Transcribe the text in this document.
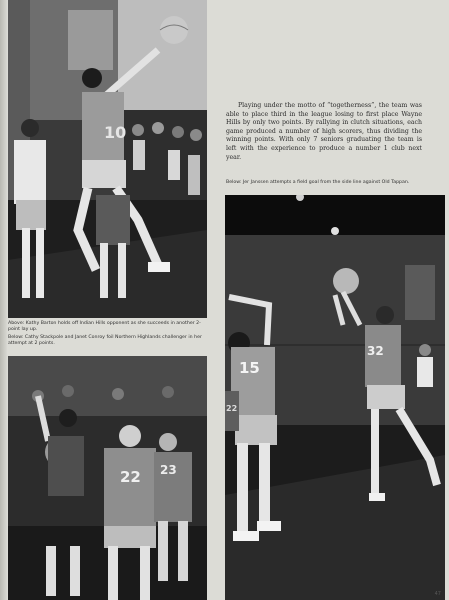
10
22 23
32
15
22

Playing under the motto of “togetherness”, the team was able to place third in the league losing to first place Wayne Hills by only two points. By rallying in clutch situations, each game produced a number of high scorers, thus dividing the winning points. With only 7 seniors graduating the team is left with the experience to produce a number 1 club next year.

Below: Jer Janssen attempts a field goal from the side line against Old Tappan.

Above: Kathy Barton holds off Indian Hills opponent as she succeeds in another 2-point lay up.

Below: Cathy Stackpole and Janet Conroy foil Northern Highlands challenger in her attempt at 2 points.

47
